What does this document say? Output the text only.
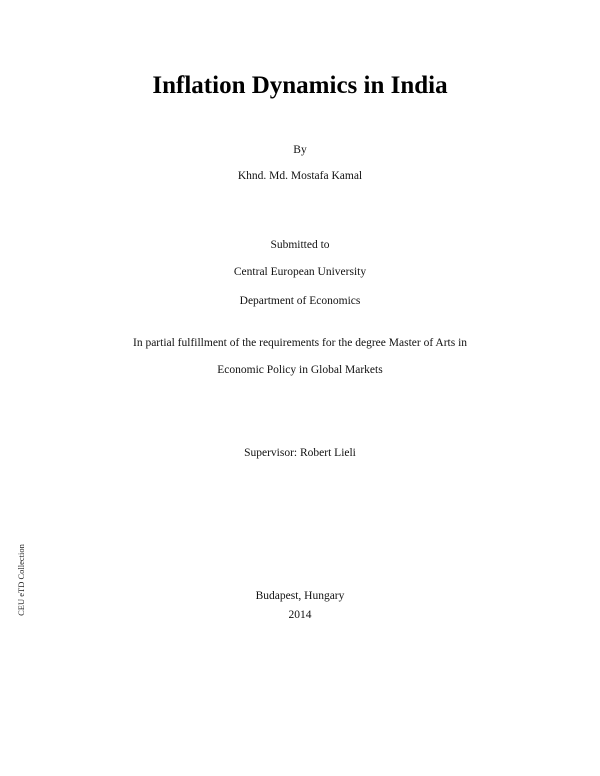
Inflation Dynamics in India
By
Khnd. Md. Mostafa Kamal
Submitted to
Central European University
Department of Economics
In partial fulfillment of the requirements for the degree Master of Arts in
Economic Policy in Global Markets
Supervisor: Robert Lieli
Budapest, Hungary
2014
CEU eTD Collection
